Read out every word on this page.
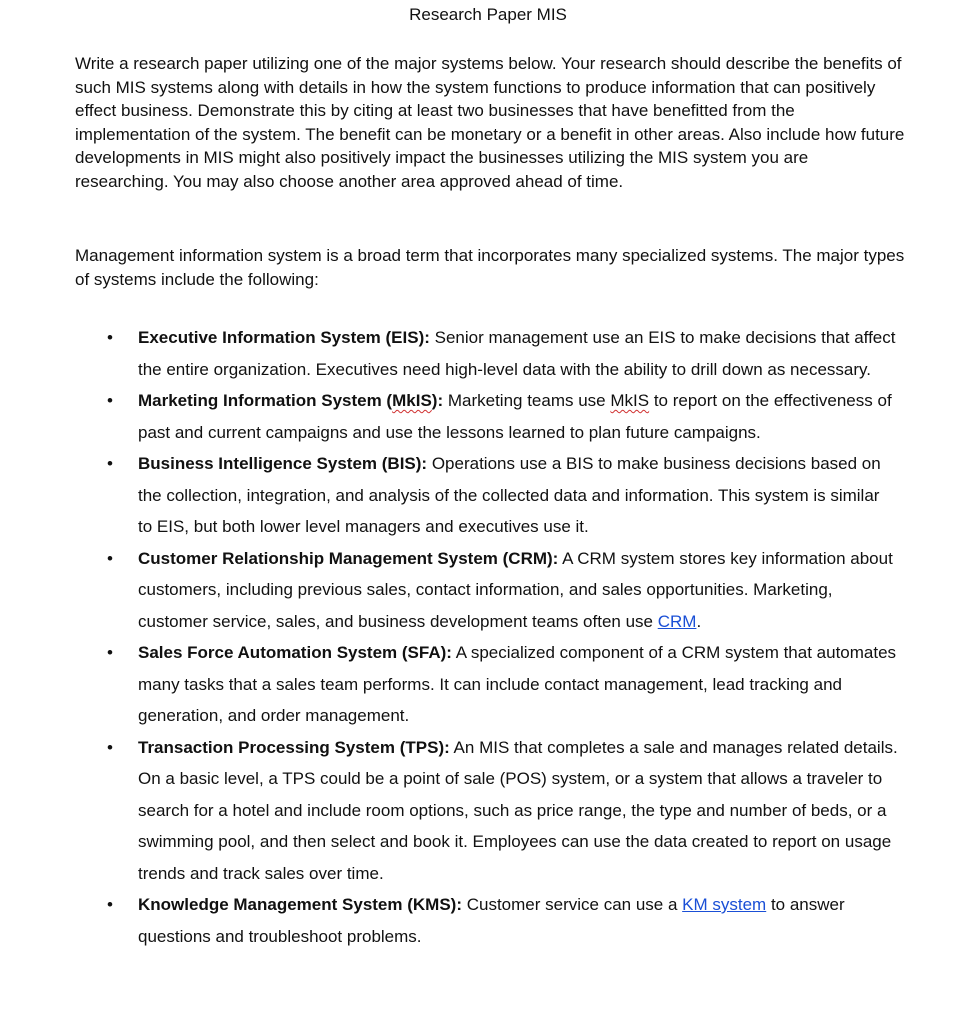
Research Paper MIS

Write a research paper utilizing one of the major systems below. Your research should describe the benefits of such MIS systems along with details in how the system functions to produce information that can positively effect business. Demonstrate this by citing at least two businesses that have benefitted from the implementation of the system. The benefit can be monetary or a benefit in other areas. Also include how future developments in MIS might also positively impact the businesses utilizing the MIS system you are researching. You may also choose another area approved ahead of time.

Management information system is a broad term that incorporates many specialized systems. The major types of systems include the following:

• Executive Information System (EIS): Senior management use an EIS to make decisions that affect the entire organization. Executives need high-level data with the ability to drill down as necessary.
• Marketing Information System (MkIS): Marketing teams use MkIS to report on the effectiveness of past and current campaigns and use the lessons learned to plan future campaigns.
• Business Intelligence System (BIS): Operations use a BIS to make business decisions based on the collection, integration, and analysis of the collected data and information. This system is similar to EIS, but both lower level managers and executives use it.
• Customer Relationship Management System (CRM): A CRM system stores key information about customers, including previous sales, contact information, and sales opportunities. Marketing, customer service, sales, and business development teams often use CRM.
• Sales Force Automation System (SFA): A specialized component of a CRM system that automates many tasks that a sales team performs. It can include contact management, lead tracking and generation, and order management.
• Transaction Processing System (TPS): An MIS that completes a sale and manages related details. On a basic level, a TPS could be a point of sale (POS) system, or a system that allows a traveler to search for a hotel and include room options, such as price range, the type and number of beds, or a swimming pool, and then select and book it. Employees can use the data created to report on usage trends and track sales over time.
• Knowledge Management System (KMS): Customer service can use a KM system to answer questions and troubleshoot problems.
